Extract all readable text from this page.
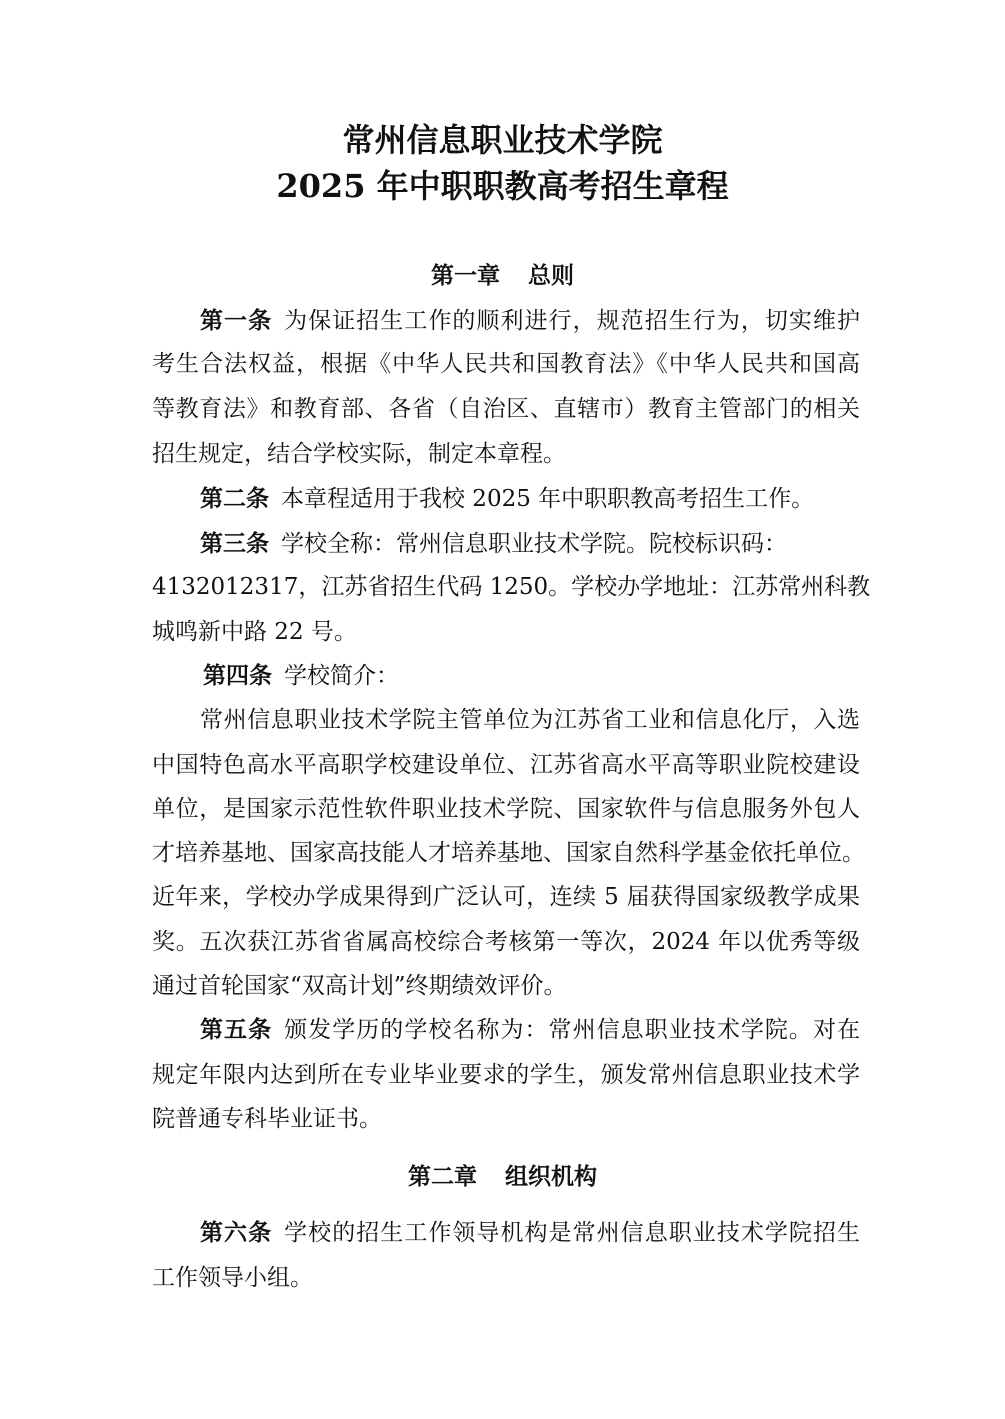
常州信息职业技术学院
2025 年中职职教高考招生章程
第一章 总则
第一条 为保证招生工作的顺利进行，规范招生行为，切实维护
考生合法权益，根据《中华人民共和国教育法》《中华人民共和国高
等教育法》和教育部、各省（自治区、直辖市）教育主管部门的相关
招生规定，结合学校实际，制定本章程。
第二条 本章程适用于我校 2025 年中职职教高考招生工作。
第三条 学校全称：常州信息职业技术学院。院校标识码：
4132012317，江苏省招生代码 1250。学校办学地址：江苏常州科教
城鸣新中路 22 号。
第四条 学校简介：
常州信息职业技术学院主管单位为江苏省工业和信息化厅，入选
中国特色高水平高职学校建设单位、江苏省高水平高等职业院校建设
单位，是国家示范性软件职业技术学院、国家软件与信息服务外包人
才培养基地、国家高技能人才培养基地、国家自然科学基金依托单位。
近年来，学校办学成果得到广泛认可，连续 5 届获得国家级教学成果
奖。五次获江苏省省属高校综合考核第一等次，2024 年以优秀等级
通过首轮国家“双高计划”终期绩效评价。
第五条 颁发学历的学校名称为：常州信息职业技术学院。对在
规定年限内达到所在专业毕业要求的学生，颁发常州信息职业技术学
院普通专科毕业证书。
第二章 组织机构
第六条 学校的招生工作领导机构是常州信息职业技术学院招生
工作领导小组。
